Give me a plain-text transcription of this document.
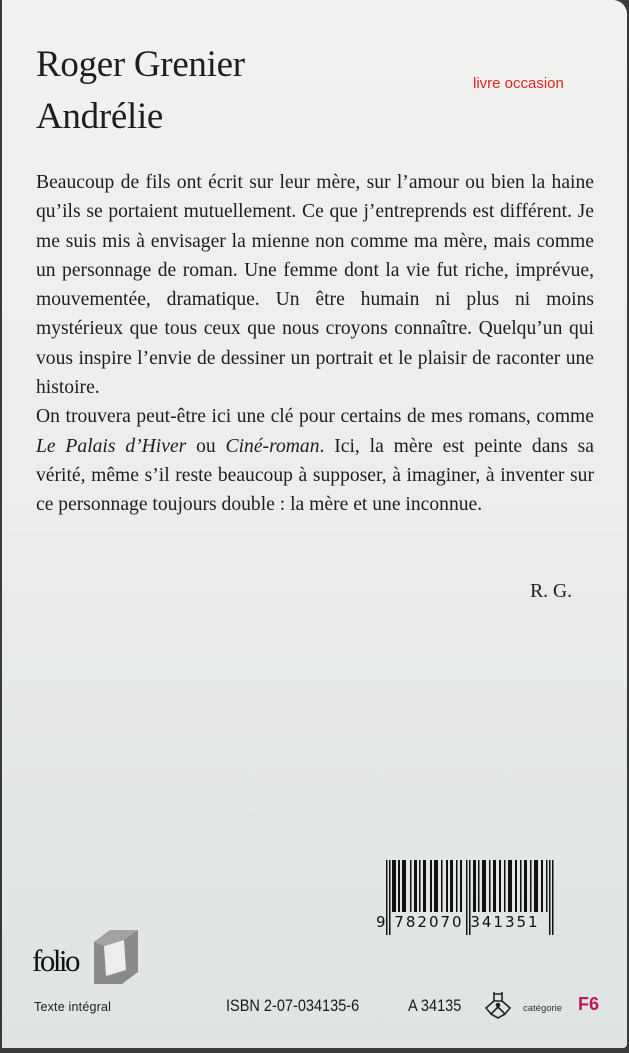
Roger Grenier
Andrélie
livre occasion

Beaucoup de fils ont écrit sur leur mère, sur l’amour ou bien la haine qu’ils se portaient mutuellement. Ce que j’entreprends est différent. Je me suis mis à envisager la mienne non comme ma mère, mais comme un personnage de roman. Une femme dont la vie fut riche, imprévue, mouvementée, dramatique. Un être humain ni plus ni moins mystérieux que tous ceux que nous croyons connaître. Quelqu’un qui vous inspire l’envie de dessiner un portrait et le plaisir de raconter une histoire.

On trouvera peut-être ici une clé pour certains de mes romans, comme Le Palais d’Hiver ou Ciné-roman. Ici, la mère est peinte dans sa vérité, même s’il reste beaucoup à supposer, à imaginer, à inventer sur ce personnage toujours double : la mère et une inconnue.

R. G.
9 782070 341351
folio
Texte intégral	ISBN 2-07-034135-6	A 34135	catégorie F6
